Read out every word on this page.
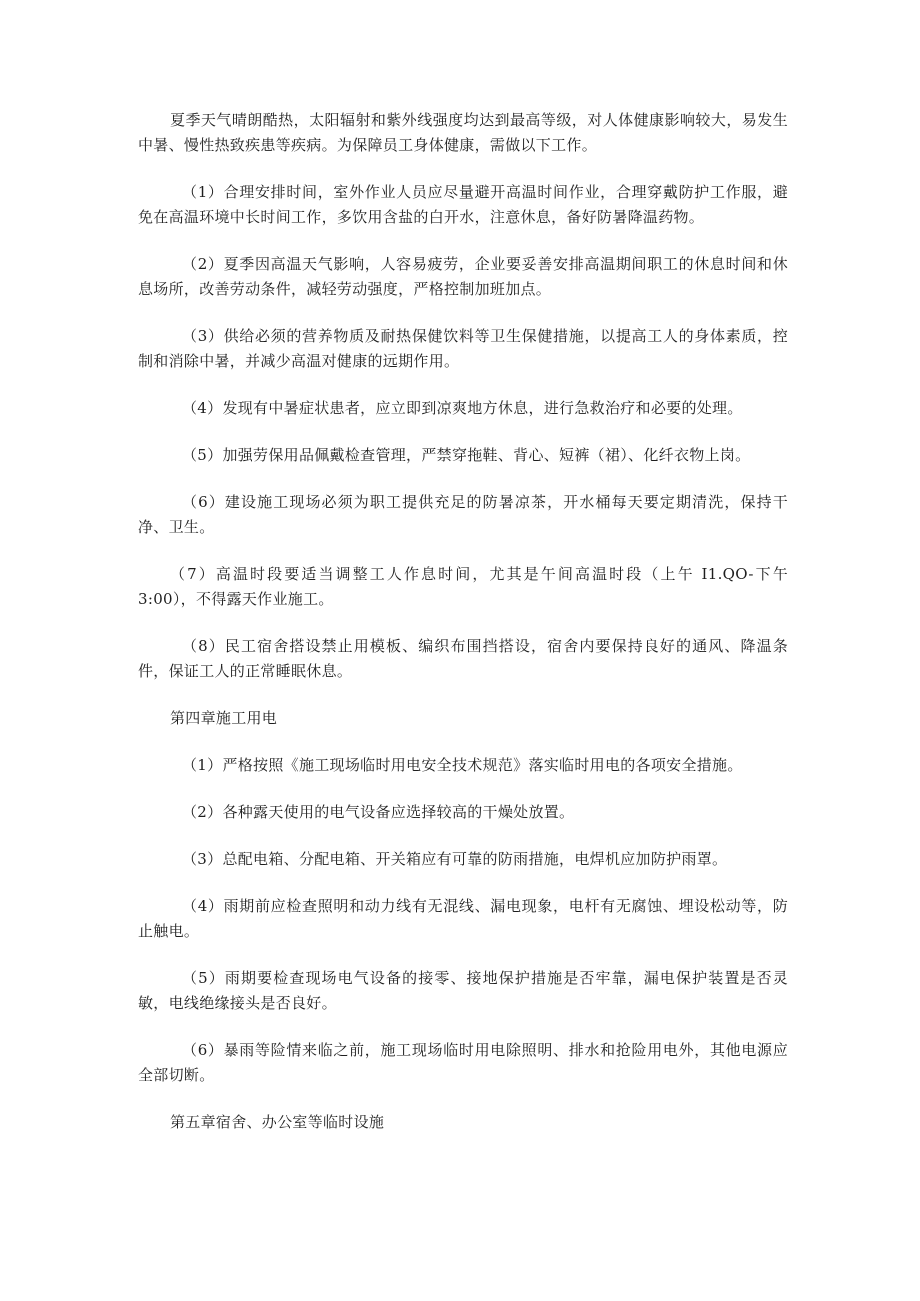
夏季天气晴朗酷热，太阳辐射和紫外线强度均达到最高等级，对人体健康影响较大，易发生中暑、慢性热致疾患等疾病。为保障员工身体健康，需做以下工作。

（1）合理安排时间，室外作业人员应尽量避开高温时间作业，合理穿戴防护工作服，避免在高温环境中长时间工作，多饮用含盐的白开水，注意休息，备好防暑降温药物。

（2）夏季因高温天气影响，人容易疲劳，企业要妥善安排高温期间职工的休息时间和休息场所，改善劳动条件，减轻劳动强度，严格控制加班加点。

（3）供给必须的营养物质及耐热保健饮料等卫生保健措施，以提高工人的身体素质，控制和消除中暑，并减少高温对健康的远期作用。

（4）发现有中暑症状患者，应立即到凉爽地方休息，进行急救治疗和必要的处理。

（5）加强劳保用品佩戴检查管理，严禁穿拖鞋、背心、短裤（裙）、化纤衣物上岗。

（6）建设施工现场必须为职工提供充足的防暑凉茶，开水桶每天要定期清洗，保持干净、卫生。

（7）高温时段要适当调整工人作息时间，尤其是午间高温时段（上午 I1.QO-下午 3:00），不得露天作业施工。

（8）民工宿舍搭设禁止用模板、编织布围挡搭设，宿舍内要保持良好的通风、降温条件，保证工人的正常睡眠休息。

第四章施工用电

（1）严格按照《施工现场临时用电安全技术规范》落实临时用电的各项安全措施。

（2）各种露天使用的电气设备应选择较高的干燥处放置。

（3）总配电箱、分配电箱、开关箱应有可靠的防雨措施，电焊机应加防护雨罩。

（4）雨期前应检查照明和动力线有无混线、漏电现象，电杆有无腐蚀、埋设松动等，防止触电。

（5）雨期要检查现场电气设备的接零、接地保护措施是否牢靠，漏电保护装置是否灵敏，电线绝缘接头是否良好。

（6）暴雨等险情来临之前，施工现场临时用电除照明、排水和抢险用电外，其他电源应全部切断。

第五章宿舍、办公室等临时设施
